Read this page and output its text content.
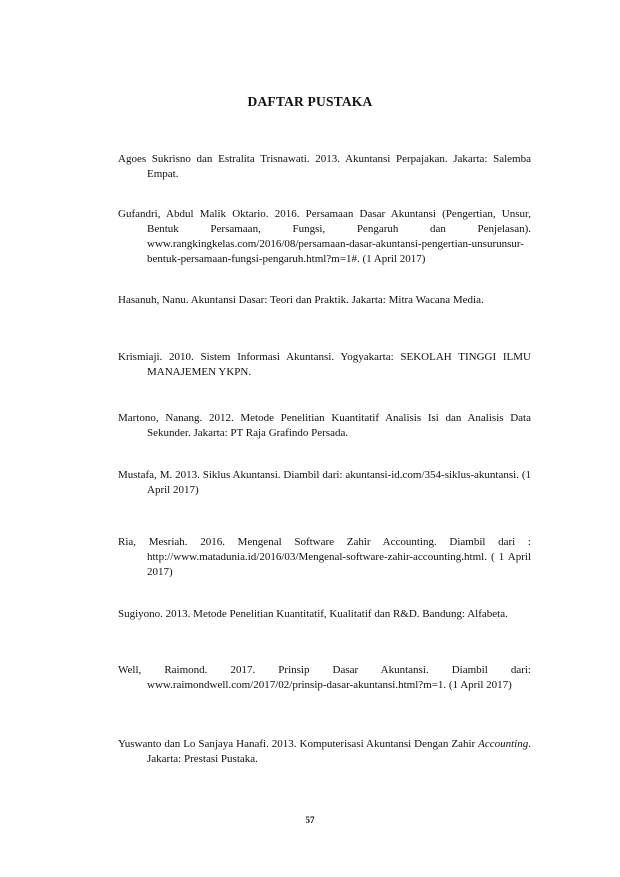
DAFTAR PUSTAKA
Agoes Sukrisno dan Estralita Trisnawati. 2013. Akuntansi Perpajakan. Jakarta: Salemba Empat.
Gufandri, Abdul Malik Oktario. 2016. Persamaan Dasar Akuntansi (Pengertian, Unsur, Bentuk Persamaan, Fungsi, Pengaruh dan Penjelasan). www.rangkingkelas.com/2016/08/persamaan-dasar-akuntansi-pengertian-unsurunsur-bentuk-persamaan-fungsi-pengaruh.html?m=1#. (1 April 2017)
Hasanuh, Nanu. Akuntansi Dasar: Teori dan Praktik. Jakarta: Mitra Wacana Media.
Krismiaji. 2010. Sistem Informasi Akuntansi. Yogyakarta: SEKOLAH TINGGI ILMU MANAJEMEN YKPN.
Martono, Nanang. 2012. Metode Penelitian Kuantitatif Analisis Isi dan Analisis Data Sekunder. Jakarta: PT Raja Grafindo Persada.
Mustafa, M. 2013. Siklus Akuntansi. Diambil dari: akuntansi-id.com/354-siklus-akuntansi. (1 April 2017)
Ria, Mesriah. 2016. Mengenal Software Zahir Accounting. Diambil dari : http://www.matadunia.id/2016/03/Mengenal-software-zahir-accounting.html. ( 1 April 2017)
Sugiyono. 2013. Metode Penelitian Kuantitatif, Kualitatif dan R&D. Bandung: Alfabeta.
Well, Raimond. 2017. Prinsip Dasar Akuntansi. Diambil dari: www.raimondwell.com/2017/02/prinsip-dasar-akuntansi.html?m=1. (1 April 2017)
Yuswanto dan Lo Sanjaya Hanafi. 2013. Komputerisasi Akuntansi Dengan Zahir Accounting. Jakarta: Prestasi Pustaka.
57
